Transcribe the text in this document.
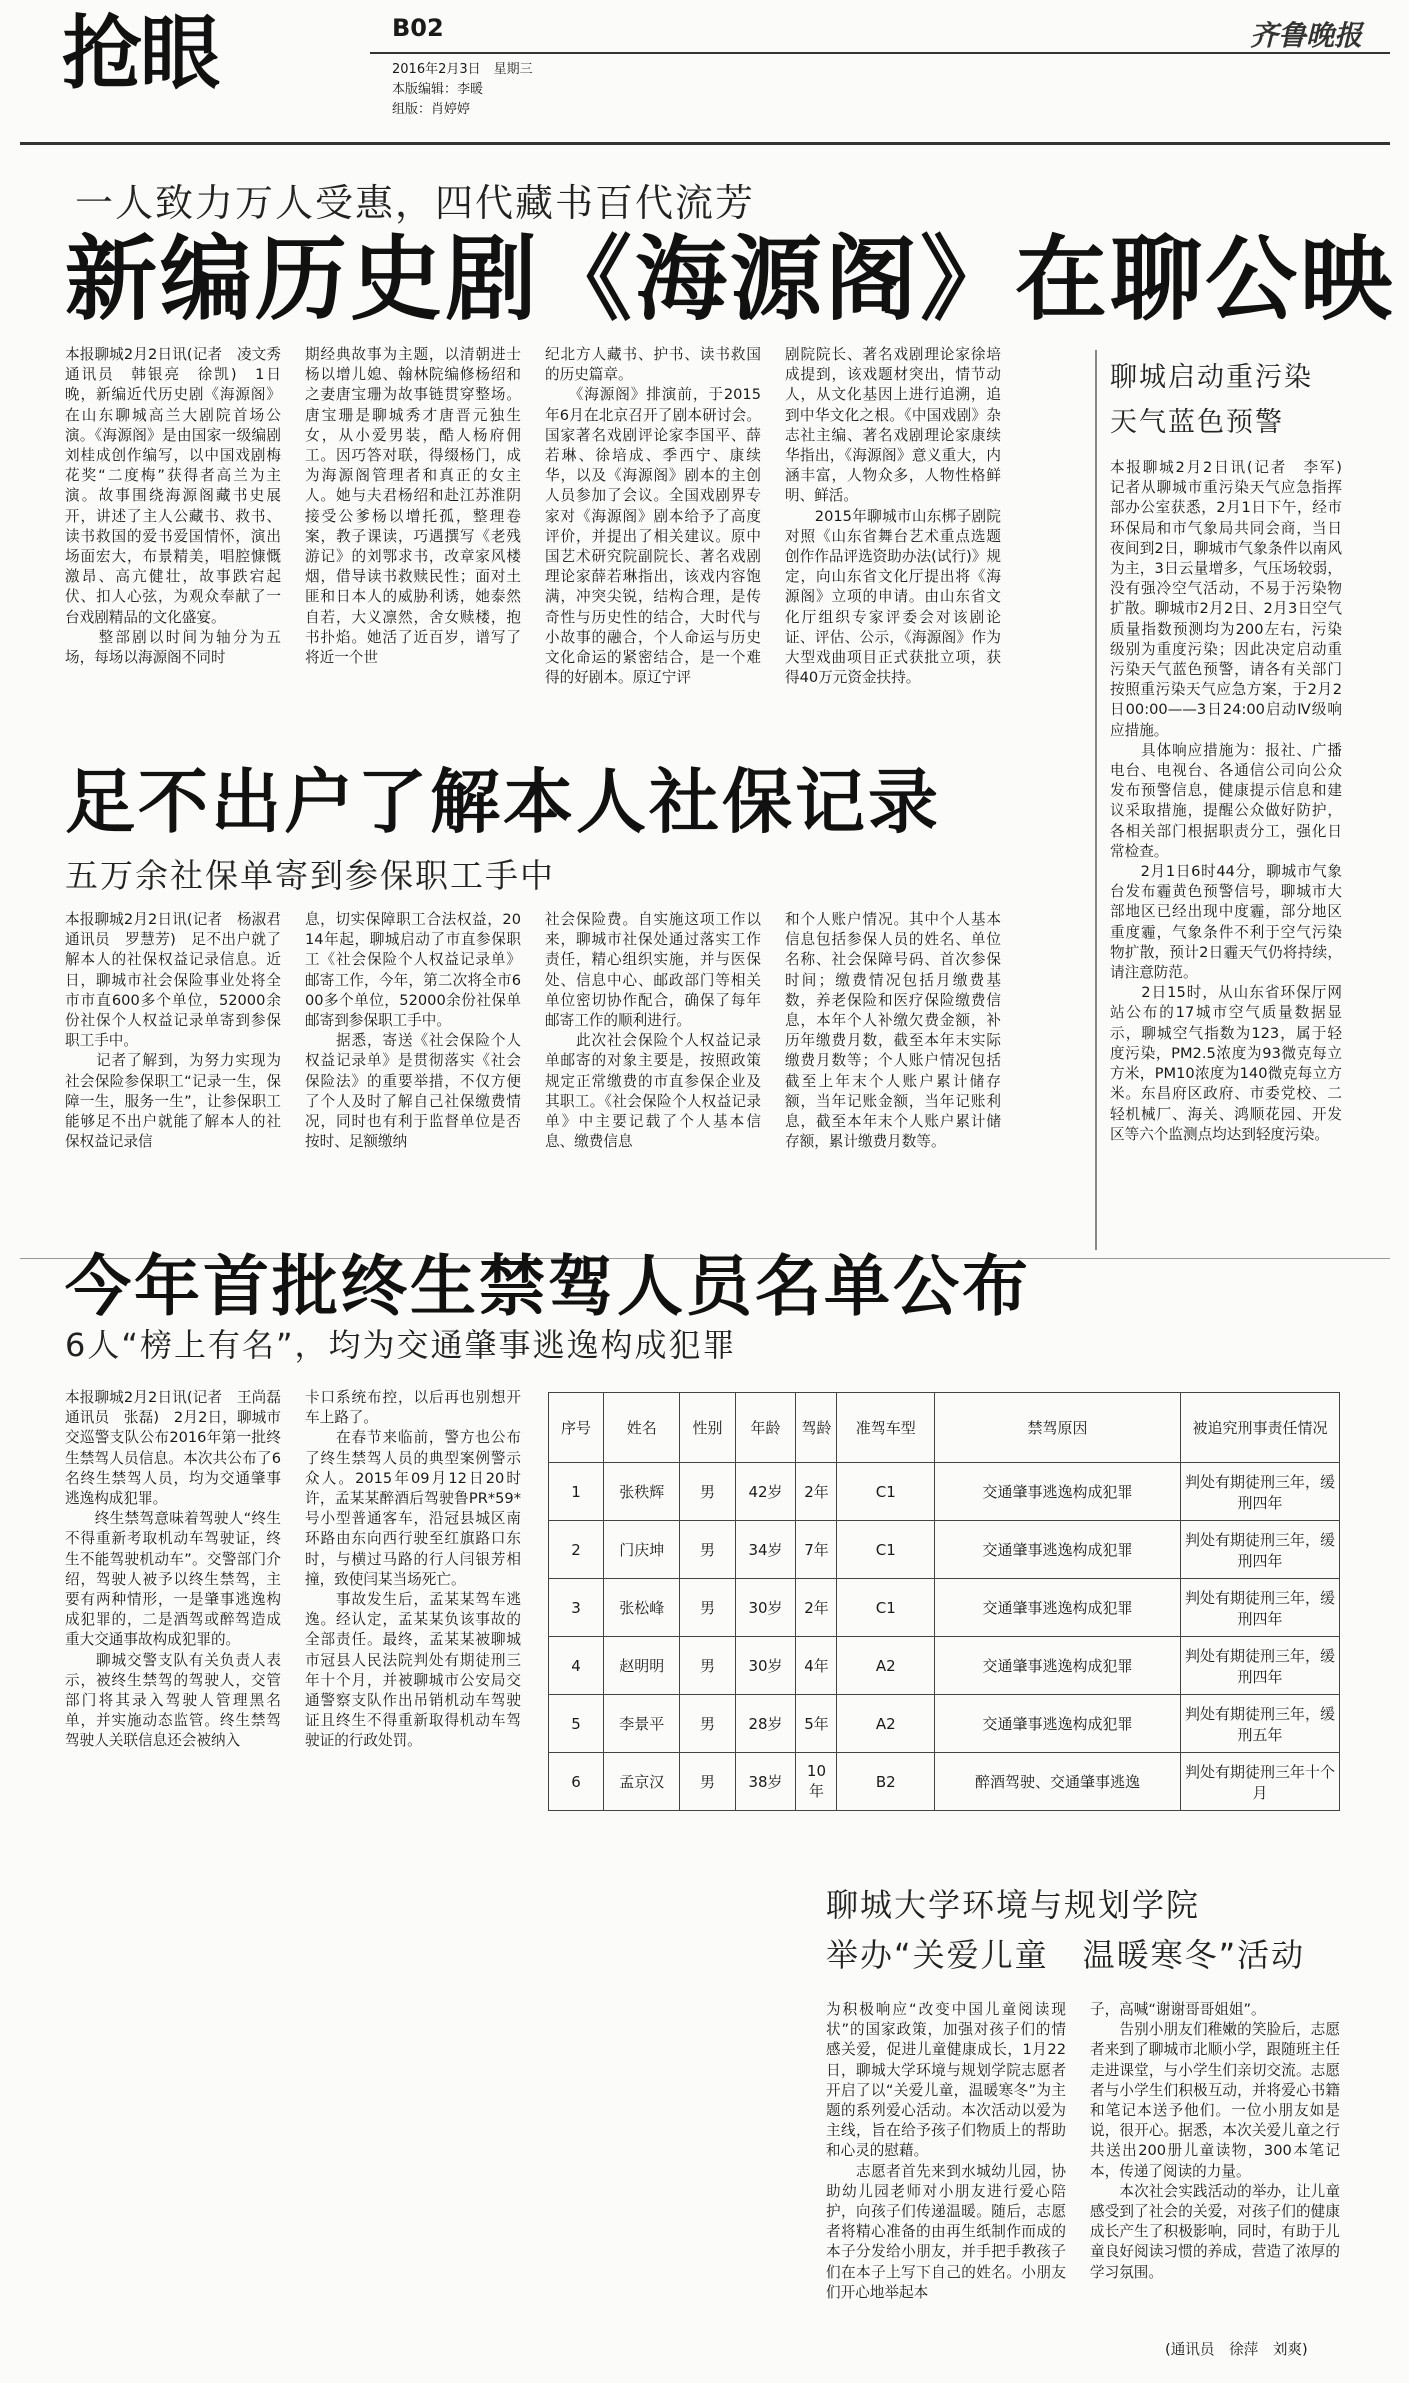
抢眼	B02
2016年2月3日　星期三
本版编辑：李暖
组版：肖婷婷
齐鲁晚报
一人致力万人受惠，四代藏书百代流芳
新编历史剧《海源阁》在聊公映
本报聊城2月2日讯(记者　凌文秀　通讯员　韩银亮　徐凯)　1日晚，新编近代历史剧《海源阁》在山东聊城高兰大剧院首场公演。《海源阁》是由国家一级编剧刘桂成创作编写，以中国戏剧梅花奖“二度梅”获得者高兰为主演。故事围绕海源阁藏书史展开，讲述了主人公藏书、救书、读书救国的爱书爱国情怀，演出场面宏大，布景精美，唱腔慷慨激昂、高亢健壮，故事跌宕起伏、扣人心弦，为观众奉献了一台戏剧精品的文化盛宴。
　　整部剧以时间为轴分为五场，每场以海源阁不同时
期经典故事为主题，以清朝进士杨以增儿媳、翰林院编修杨绍和之妻唐宝珊为故事链贯穿整场。唐宝珊是聊城秀才唐晋元独生女，从小爱男装，酷人杨府佣工。因巧答对联，得缀杨门，成为海源阁管理者和真正的女主人。她与夫君杨绍和赴江苏淮阴接受公爹杨以增托孤，整理卷案，教子课读，巧遇撰写《老残游记》的刘鄂求书，改章家风楼烟，借导读书救赎民性；面对土匪和日本人的威胁利诱，她泰然自若，大义凛然，舍女赎楼，抱书扑焰。她活了近百岁，谱写了将近一个世
纪北方人藏书、护书、读书救国的历史篇章。
　　《海源阁》排演前，于2015年6月在北京召开了剧本研讨会。国家著名戏剧评论家李国平、薛若琳、徐培成、季西宁、康续华，以及《海源阁》剧本的主创人员参加了会议。全国戏剧界专家对《海源阁》剧本给予了高度评价，并提出了相关建议。原中国艺术研究院副院长、著名戏剧理论家薛若琳指出，该戏内容饱满，冲突尖锐，结构合理，是传奇性与历史性的结合，大时代与小故事的融合，个人命运与历史文化命运的紧密结合，是一个难得的好剧本。原辽宁评
剧院院长、著名戏剧理论家徐培成提到，该戏题材突出，情节动人，从文化基因上进行追溯，追到中华文化之根。《中国戏剧》杂志社主编、著名戏剧理论家康续华指出，《海源阁》意义重大，内涵丰富，人物众多，人物性格鲜明、鲜活。
　　2015年聊城市山东梆子剧院对照《山东省舞台艺术重点选题创作作品评选资助办法(试行)》规定，向山东省文化厅提出将《海源阁》立项的申请。由山东省文化厅组织专家评委会对该剧论证、评估、公示，《海源阁》作为大型戏曲项目正式获批立项，获得40万元资金扶持。
足不出户了解本人社保记录
五万余社保单寄到参保职工手中
本报聊城2月2日讯(记者　杨淑君　通讯员　罗慧芳)　足不出户就了解本人的社保权益记录信息。近日，聊城市社会保险事业处将全市市直600多个单位，52000余份社保个人权益记录单寄到参保职工手中。
　　记者了解到，为努力实现为社会保险参保职工“记录一生，保障一生，服务一生”，让参保职工能够足不出户就能了解本人的社保权益记录信
息，切实保障职工合法权益，2014年起，聊城启动了市直参保职工《社会保险个人权益记录单》邮寄工作，今年，第二次将全市600多个单位，52000余份社保单邮寄到参保职工手中。
　　据悉，寄送《社会保险个人权益记录单》是贯彻落实《社会保险法》的重要举措，不仅方便了个人及时了解自己社保缴费情况，同时也有利于监督单位是否按时、足额缴纳
社会保险费。自实施这项工作以来，聊城市社保处通过落实工作责任，精心组织实施，并与医保处、信息中心、邮政部门等相关单位密切协作配合，确保了每年邮寄工作的顺利进行。
　　此次社会保险个人权益记录单邮寄的对象主要是，按照政策规定正常缴费的市直参保企业及其职工。《社会保险个人权益记录单》中主要记载了个人基本信息、缴费信息
和个人账户情况。其中个人基本信息包括参保人员的姓名、单位名称、社会保障号码、首次参保时间；缴费情况包括月缴费基数，养老保险和医疗保险缴费信息，本年个人补缴欠费金额，补历年缴费月数，截至本年末实际缴费月数等；个人账户情况包括截至上年末个人账户累计储存额，当年记账金额，当年记账利息，截至本年末个人账户累计储存额，累计缴费月数等。
聊城启动重污染
天气蓝色预警
本报聊城2月2日讯(记者　李军)　记者从聊城市重污染天气应急指挥部办公室获悉，2月1日下午，经市环保局和市气象局共同会商，当日夜间到2日，聊城市气象条件以南风为主，3日云量增多，气压场较弱，没有强冷空气活动，不易于污染物扩散。聊城市2月2日、2月3日空气质量指数预测均为200左右，污染级别为重度污染；因此决定启动重污染天气蓝色预警，请各有关部门按照重污染天气应急方案，于2月2日00:00——3日24:00启动Ⅳ级响应措施。
　　具体响应措施为：报社、广播电台、电视台、各通信公司向公众发布预警信息，健康提示信息和建议采取措施，提醒公众做好防护，各相关部门根据职责分工，强化日常检查。
　　2月1日6时44分，聊城市气象台发布霾黄色预警信号，聊城市大部地区已经出现中度霾，部分地区重度霾，气象条件不利于空气污染物扩散，预计2日霾天气仍将持续，请注意防范。
　　2日15时，从山东省环保厅网站公布的17城市空气质量数据显示，聊城空气指数为123，属于轻度污染，PM2.5浓度为93微克每立方米，PM10浓度为140微克每立方米。东昌府区政府、市委党校、二轻机械厂、海关、鸿顺花园、开发区等六个监测点均达到轻度污染。
今年首批终生禁驾人员名单公布
6人“榜上有名”，均为交通肇事逃逸构成犯罪
本报聊城2月2日讯(记者　王尚磊　通讯员　张磊)　2月2日，聊城市交巡警支队公布2016年第一批终生禁驾人员信息。本次共公布了6名终生禁驾人员，均为交通肇事逃逸构成犯罪。
　　终生禁驾意味着驾驶人“终生不得重新考取机动车驾驶证，终生不能驾驶机动车”。交警部门介绍，驾驶人被予以终生禁驾，主要有两种情形，一是肇事逃逸构成犯罪的，二是酒驾或醉驾造成重大交通事故构成犯罪的。
　　聊城交警支队有关负责人表示，被终生禁驾的驾驶人，交管部门将其录入驾驶人管理黑名单，并实施动态监管。终生禁驾驾驶人关联信息还会被纳入
卡口系统布控，以后再也别想开车上路了。
　　在春节来临前，警方也公布了终生禁驾人员的典型案例警示众人。2015年09月12日20时许，孟某某醉酒后驾驶鲁PR*59*号小型普通客车，沿冠县城区南环路由东向西行驶至红旗路口东时，与横过马路的行人闫银芳相撞，致使闫某当场死亡。
　　事故发生后，孟某某驾车逃逸。经认定，孟某某负该事故的全部责任。最终，孟某某被聊城市冠县人民法院判处有期徒刑三年十个月，并被聊城市公安局交通警察支队作出吊销机动车驾驶证且终生不得重新取得机动车驾驶证的行政处罚。
序号	姓名	性别	年龄	驾龄	准驾车型	禁驾原因	被追究刑事责任情况
1	张秩辉	男	42岁	2年	C1	交通肇事逃逸构成犯罪	判处有期徒刑三年，缓刑四年
2	门庆坤	男	34岁	7年	C1	交通肇事逃逸构成犯罪	判处有期徒刑三年，缓刑四年
3	张松峰	男	30岁	2年	C1	交通肇事逃逸构成犯罪	判处有期徒刑三年，缓刑四年
4	赵明明	男	30岁	4年	A2	交通肇事逃逸构成犯罪	判处有期徒刑三年，缓刑四年
5	李景平	男	28岁	5年	A2	交通肇事逃逸构成犯罪	判处有期徒刑三年，缓刑五年
6	孟京汉	男	38岁	10年	B2	醉酒驾驶、交通肇事逃逸	判处有期徒刑三年十个月
聊城大学环境与规划学院
举办“关爱儿童　温暖寒冬”活动
为积极响应“改变中国儿童阅读现状”的国家政策，加强对孩子们的情感关爱，促进儿童健康成长，1月22日，聊城大学环境与规划学院志愿者开启了以“关爱儿童，温暖寒冬”为主题的系列爱心活动。本次活动以爱为主线，旨在给予孩子们物质上的帮助和心灵的慰藉。
　　志愿者首先来到水城幼儿园，协助幼儿园老师对小朋友进行爱心陪护，向孩子们传递温暖。随后，志愿者将精心准备的由再生纸制作而成的本子分发给小朋友，并手把手教孩子们在本子上写下自己的姓名。小朋友们开心地举起本
子，高喊“谢谢哥哥姐姐”。
　　告别小朋友们稚嫩的笑脸后，志愿者来到了聊城市北顺小学，跟随班主任走进课堂，与小学生们亲切交流。志愿者与小学生们积极互动，并将爱心书籍和笔记本送予他们。一位小朋友如是说，很开心。据悉，本次关爱儿童之行共送出200册儿童读物，300本笔记本，传递了阅读的力量。
　　本次社会实践活动的举办，让儿童感受到了社会的关爱，对孩子们的健康成长产生了积极影响，同时，有助于儿童良好阅读习惯的养成，营造了浓厚的学习氛围。
(通讯员　徐萍　刘爽)
